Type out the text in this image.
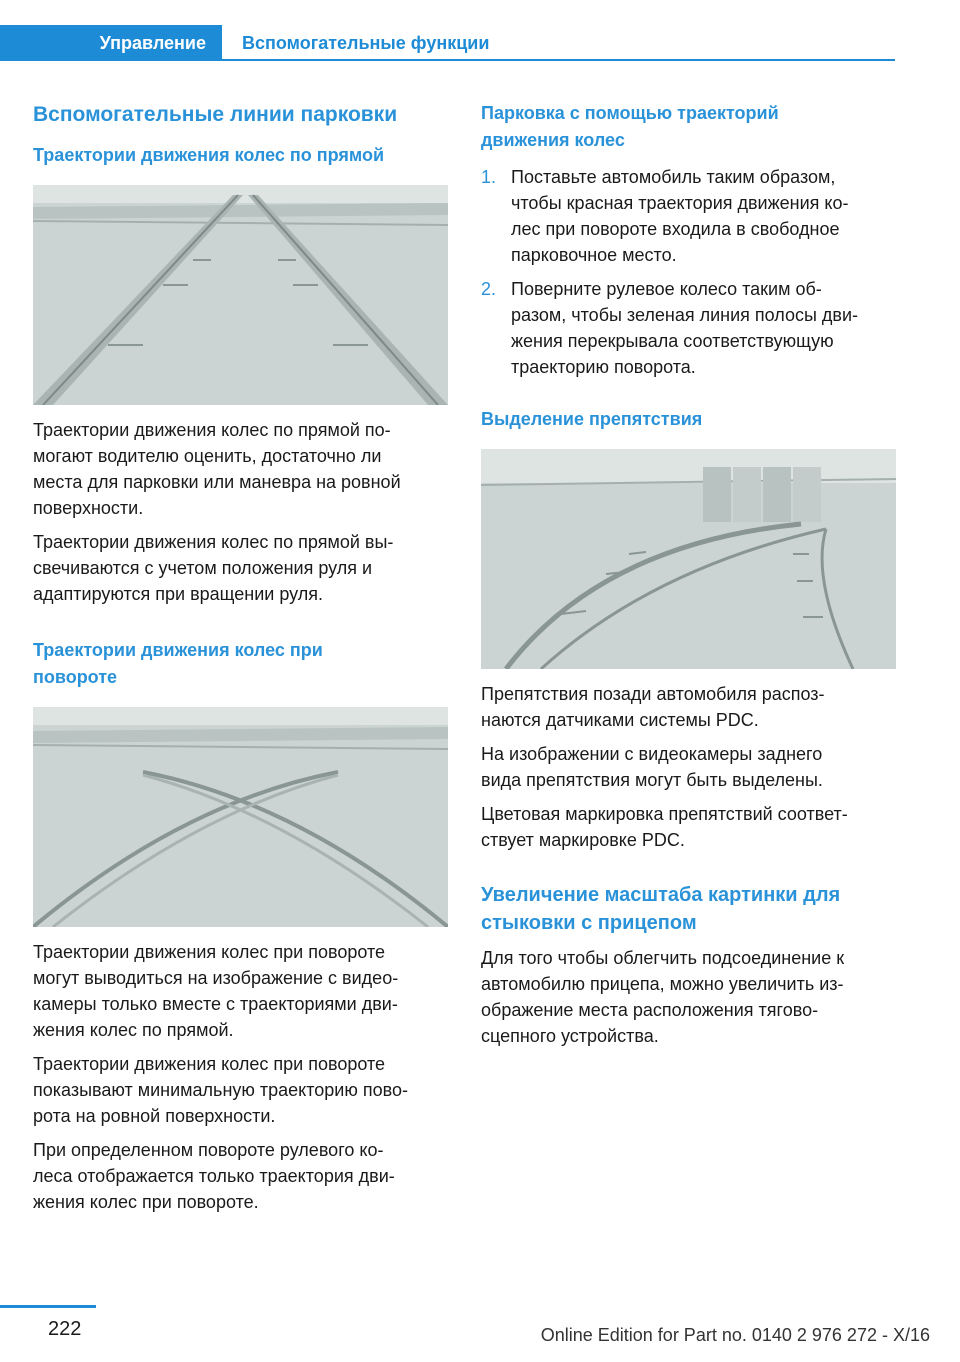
Управление	Вспомогательные функции
Вспомогательные линии парковки
Траектории движения колес по прямой

Траектории движения колес по прямой по-
могают водителю оценить, достаточно ли
места для парковки или маневра на ровной
поверхности.

Траектории движения колес по прямой вы-
свечиваются с учетом положения руля и
адаптируются при вращении руля.

Траектории движения колес при
повороте

Траектории движения колес при повороте
могут выводиться на изображение с видео-
камеры только вместе с траекториями дви-
жения колес по прямой.

Траектории движения колес при повороте
показывают минимальную траекторию пово-
рота на ровной поверхности.

При определенном повороте рулевого ко-
леса отображается только траектория дви-
жения колес при повороте.

Парковка с помощью траекторий
движения колес
1. Поставьте автомобиль таким образом,
чтобы красная траектория движения ко-
лес при повороте входила в свободное
парковочное место.
2. Поверните рулевое колесо таким об-
разом, чтобы зеленая линия полосы дви-
жения перекрывала соответствующую
траекторию поворота.
Выделение препятствия

Препятствия позади автомобиля распоз-
наются датчиками системы PDC.

На изображении с видеокамеры заднего
вида препятствия могут быть выделены.

Цветовая маркировка препятствий соответ-
ствует маркировке PDC.

Увеличение масштаба картинки для
стыковки с прицепом

Для того чтобы облегчить подсоединение к
автомобилю прицепа, можно увеличить из-
ображение места расположения тягово-
сцепного устройства.

222	Online Edition for Part no. 0140 2 976 272 - X/16
